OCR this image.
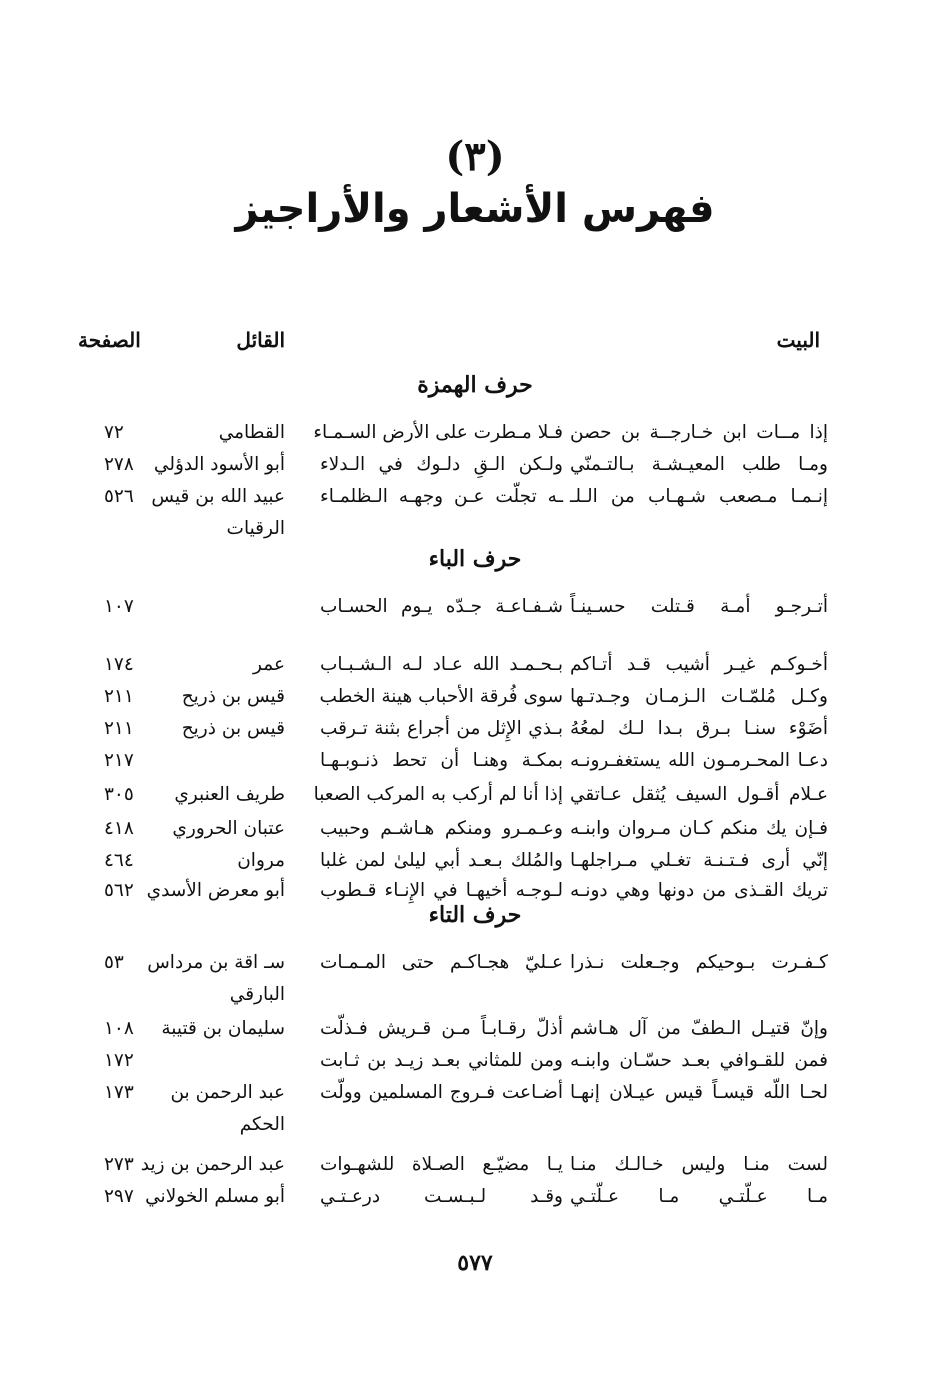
(٣)
فهرس الأشعار والأراجيز
البيت
القائل
الصفحة
حرف الهمزة
إذا مــات ابن خـارجــة بن حصن
فـلا مـطرت على الأرض السـمـاء
القطامي
٧٢
ومـا طلب المعيـشـة بـالتـمنّي
ولـكن الـقِ دلـوك في الـدلاء
أبو الأسود الدؤلي
٢٧٨
إنـمـا مـصعب شـهـاب من الـلـ
ـه تجلّت عـن وجهـه الـظلمـاء
عبيد الله بن قيس
٥٢٦
الرقيات
حرف الباء
أتـرجـو أمـة قـتلت حسـينـاً
شـفـاعـة جـدّه يـوم الحسـاب
١٠٧
أخـوكـم غيـر أشيب قـد أتـاكم
بـحـمـد الله عـاد لـه الـشـبـاب
عمر
١٧٤
وكـل مُلمّـات الـزمـان وجـدتـها
سوى فُرقة الأحباب هينة الخطب
قيس بن ذريح
٢١١
أضَوْء سنـا بـرق بـدا لـك لمعُهُ
بـذي الإِثل من أجراع بثنة تـرقب
قيس بن ذريح
٢١١
دعـا المحـرمـون الله يستغفـرونـه
بمكـة وهنـا أن تحط ذنـوبـهـا
٢١٧
عـلام أقـول السيف يُثقل عـاتقي
إذا أنا لم أركب به المركب الصعبا
طريف العنبري
٣٠٥
فـإن يك منكم كـان مـروان وابنـه
وعـمـرو ومنكم هـاشـم وحبيب
عتبان الحروري
٤١٨
إنّي أرى فـتـنـة تغـلي مـراجلهـا
والمُلك بـعـد أبي ليلىٰ لمن غلبا
مروان
٤٦٤
تريك القـذى من دونها وهي دونـه
لـوجـه أخيهـا في الإِنـاء قـطوب
أبو معرض الأسدي
٥٦٢
حرف التاء
كـفـرت بـوحيكم وجـعلت نـذرا
عـليّ هجـاكـم حتى المـمـات
سـ اقة بن مرداس
٥٣
البارقي
وإنّ قتيـل الـطفّ من آل هـاشم
أذلّ رقـابـاً مـن قـريش فـذلّت
سليمان بن قتيبة
١٠٨
فمن للقـوافي بعـد حسّـان وابنـه
ومن للمثاني بعـد زيـد بن ثـابت
١٧٢
لحـا اللّه قيسـاً قيس عيـلان إنهـا
أضـاعت فـروج المسلمين وولّت
عبد الرحمن بن
١٧٣
الحكم
لست منـا وليس خـالـك منـا
يـا مضيّـع الصـلاة للشهـوات
عبد الرحمن بن زيد
٢٧٣
مـا عـلّتـي مـا عـلّتـي
وقـد لـبـسـت درعـتـي
أبو مسلم الخولاني
٢٩٧
٥٧٧
